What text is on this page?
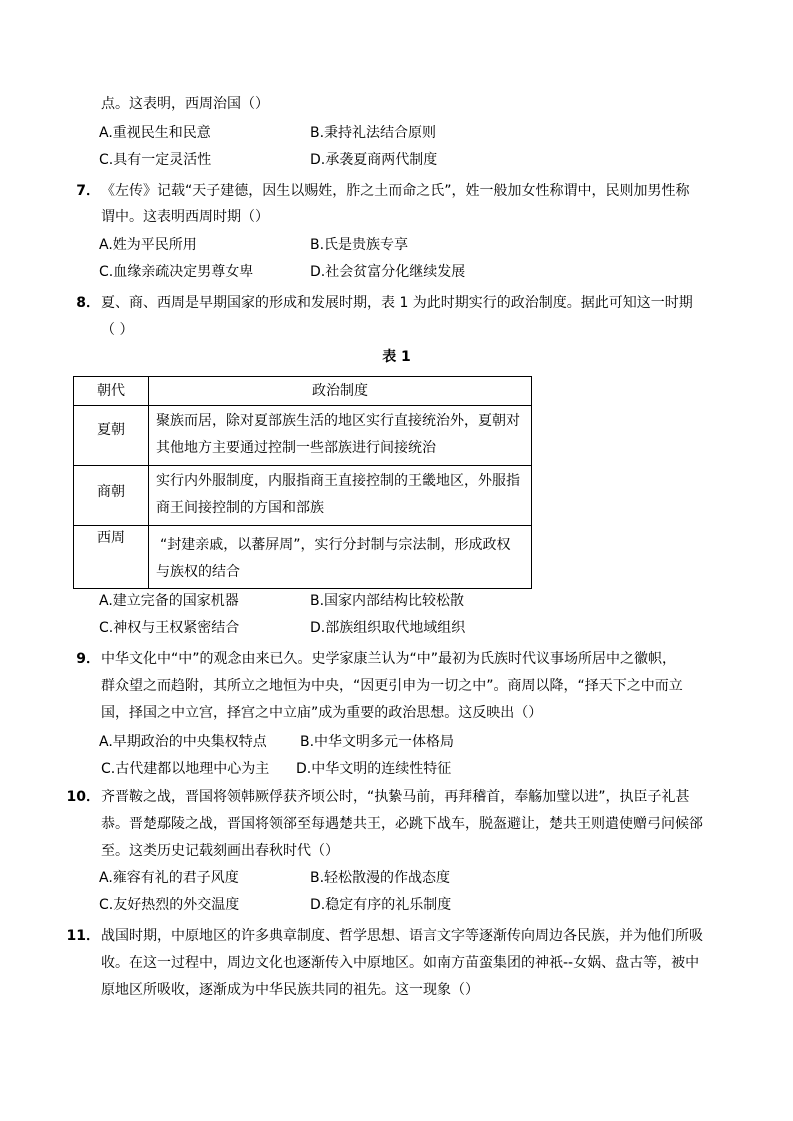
点。这表明，西周治国（）
A.重视民生和民意	B.秉持礼法结合原则
C.具有一定灵活性	D.承袭夏商两代制度
7． 《左传》记载“天子建德，因生以赐姓，胙之土而命之氏”，姓一般加女性称谓中，民则加男性称
谓中。这表明西周时期（）
A.姓为平民所用	B.氏是贵族专享
C.血缘亲疏决定男尊女卑	D.社会贫富分化继续发展
8． 夏、商、西周是早期国家的形成和发展时期，表 1 为此时期实行的政治制度。据此可知这一时期
（ ）
表 1
朝代	政治制度
夏朝	聚族而居，除对夏部族生活的地区实行直接统治外，夏朝对
其他地方主要通过控制一些部族进行间接统治

商朝	实行内外服制度，内服指商王直接控制的王畿地区，外服指
商王间接控制的方国和部族

西周	“封建亲戚，以蕃屏周”，实行分封制与宗法制，形成政权
与族权的结合
A.建立完备的国家机器	B.国家内部结构比较松散
C.神权与王权紧密结合	D.部族组织取代地域组织
9． 中华文化中“中”的观念由来已久。史学家康兰认为“中”最初为氏族时代议事场所居中之徽帜，
群众望之而趋附，其所立之地恒为中央，“因更引申为一切之中”。商周以降，“择天下之中而立
国，择国之中立宫，择宫之中立庙”成为重要的政治思想。这反映出（）
A.早期政治的中央集权特点 B.中华文明多元一体格局
C.古代建都以地理中心为主 D.中华文明的连续性特征
10． 齐晋鞍之战，晋国将领韩厥俘获齐顷公时，“执絷马前，再拜稽首，奉觞加璧以进”，执臣子礼甚
恭。晋楚鄢陵之战，晋国将领郤至每遇楚共王，必跳下战车，脱盔避让，楚共王则遣使赠弓问候郤
至。这类历史记载刻画出春秋时代（）
A.雍容有礼的君子风度	B.轻松散漫的作战态度
C.友好热烈的外交温度	D.稳定有序的礼乐制度
11． 战国时期，中原地区的许多典章制度、哲学思想、语言文字等逐渐传向周边各民族，并为他们所吸
收。在这一过程中，周边文化也逐渐传入中原地区。如南方苗蛮集团的神祇--女娲、盘古等，被中
原地区所吸收，逐渐成为中华民族共同的祖先。这一现象（）
